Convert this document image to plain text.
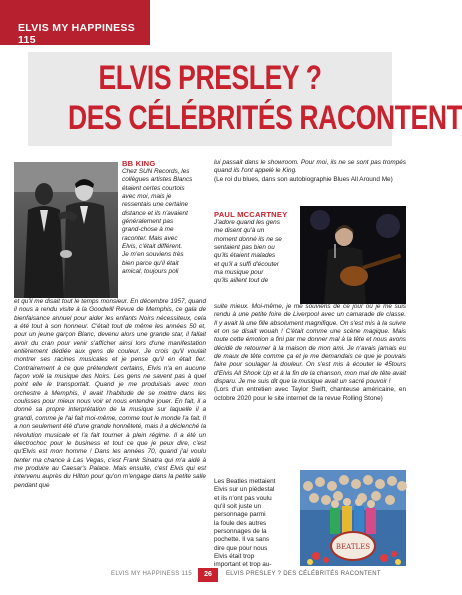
ELVIS MY HAPPINESS 115
ELVIS PRESLEY ?
DES CÉLÉBRITÉS RACONTENT
BB KING
Chez SUN Records, les
collègues artistes Blancs
étaient certes courtois
avec moi, mais je
ressentais une certaine
distance et ils n'avaient
généralement pas
grand-chose à me
raconter. Mais avec
Elvis, c'était différent.
Je m'en souviens très
bien parce qu'il était
amical, toujours poli

et qu'il me disait tout le temps monsieur. En décembre 1957, quand il nous a rendu visite à la Goodwill Revue de Memphis, ce gala de bienfaisance annuel pour aider les enfants Noirs nécessiteux, cela a été tout à son honneur. C'était tout de même les années 50 et, pour un jeune garçon Blanc, devenu alors une grande star, il fallait avoir du cran pour venir s'afficher ainsi lors d'une manifestation entièrement dédiée aux gens de couleur. Je crois qu'il voulait montrer ses racines musicales et je pense qu'il en était fier. Contrairement à ce que prétendent certains, Elvis n'a en aucune façon volé la musique des Noirs. Les gens ne savent pas à quel point elle le transportait. Quand je me produisais avec mon orchestre à Memphis, il avait l'habitude de se mettre dans les coulisses pour mieux nous voir et nous entendre jouer. En fait, il a donné sa propre interprétation de la musique sur laquelle il a grandi, comme je l'ai fait moi-même, comme tout le monde l'a fait. Il a non seulement été d'une grande honnêteté, mais il a déclenché la révolution musicale et l'a fait tourner à plein régime. Il a été un électrochoc pour le business et tout ce que je peux dire, c'est qu'Elvis est mon homme ! Dans les années 70, quand j'ai voulu tenter ma chance à Las Vegas, c'est Frank Sinatra qui m'a aidé à me produire au Caesar's Palace. Mais ensuite, c'est Elvis qui est intervenu auprès du Hilton pour qu'on m'engage dans la petite salle pendant que

lui passait dans le showroom. Pour moi, ils ne se sont pas trompés quand ils l'ont appelé le King.

(Le roi du blues, dans son autobiographie Blues All Around Me)

PAUL MCCARTNEY
J'adore quand les gens
me disent qu'à un
moment donné ils ne se
sentaient pas bien ou
qu'ils étaient malades
et qu'il a suffi d'écouter
ma musique pour
qu'ils aillent tout de

suite mieux. Moi-même, je me souviens de ce jour où je me suis rendu à une petite foire de Liverpool avec un camarade de classe. Il y avait là une fille absolument magnifique. On s'est mis à la suivre et on se disait wouah ! C'était comme une scène magique. Mais toute cette émotion a fini par me donner mal à la tête et nous avons décidé de retourner à la maison de mon ami. Je n'avais jamais eu de maux de tête comme ça et je me demandais ce que je pouvais faire pour soulager la douleur. On s'est mis à écouter le 45tours d'Elvis All Shook Up et à la fin de la chanson, mon mal de tête avait disparu. Je me suis dit que la musique avait un sacré pouvoir !

(Lors d'un entretien avec Taylor Swift, chanteuse américaine, en octobre 2020 pour le site internet de la revue Rolling Stone)

Les Beatles mettaient
Elvis sur un piédestal
et ils n'ont pas voulu
qu'il soit juste un
personnage parmi
la foule des autres
personnages de la
pochette. Il va sans
dire que pour nous
Elvis était trop
important et trop au-
BEATLES
ELVIS MY HAPPINESS 115	26	ELVIS PRESLEY ? DES CÉLÉBRITÉS RACONTENT
